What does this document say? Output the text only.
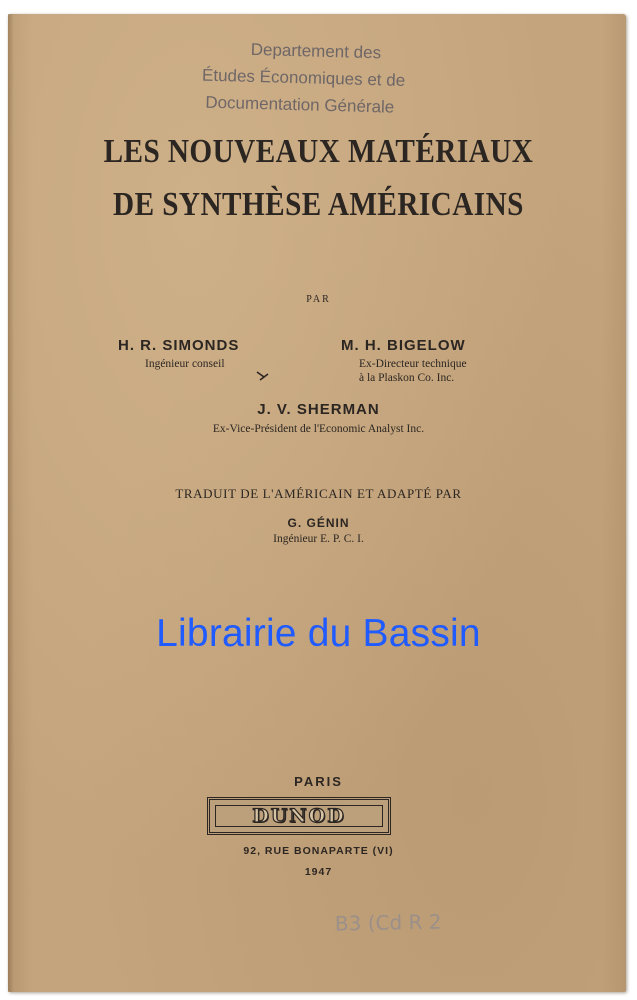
Departement des
Études Économiques et de
Documentation Générale
LES NOUVEAUX MATÉRIAUX
DE SYNTHÈSE AMÉRICAINS
PAR
H. R. SIMONDS
Ingénieur conseil
M. H. BIGELOW
Ex-Directeur technique
à la Plaskon Co. Inc.
J. V. SHERMAN
Ex-Vice-Président de l'Economic Analyst Inc.
TRADUIT DE L'AMÉRICAIN ET ADAPTÉ PAR
G. GÉNIN
Ingénieur E. P. C. I.
Librairie du Bassin
PARIS
DUNOD
92, RUE BONAPARTE (VI)
1947
B3 (Cd R 2
